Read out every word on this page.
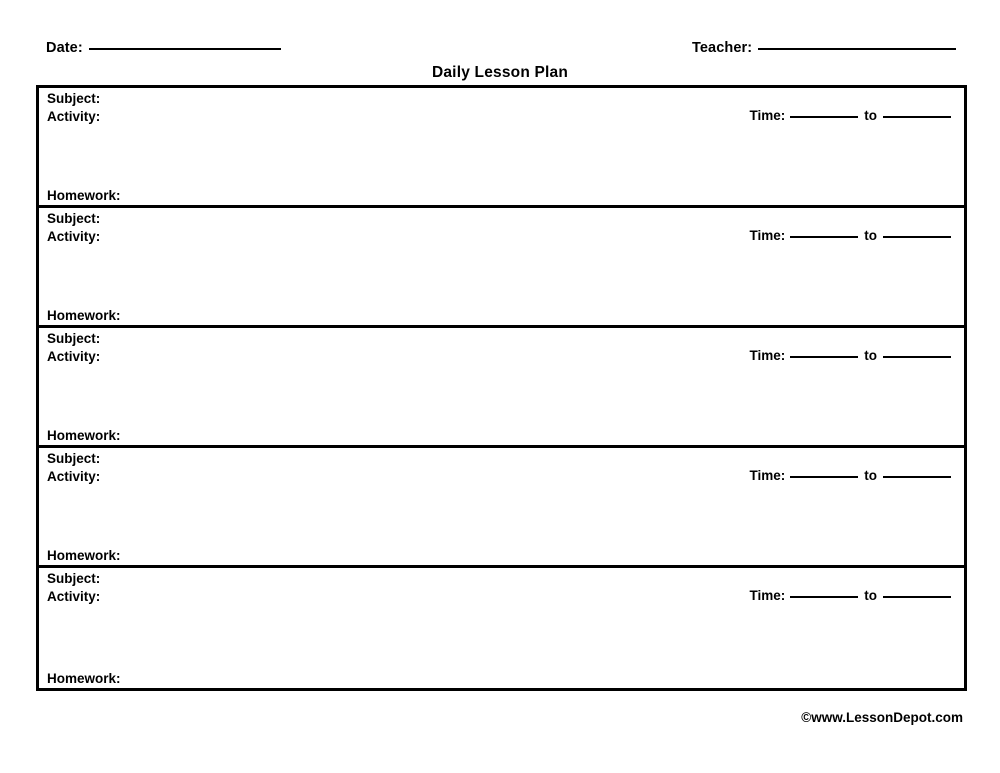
Date:	Teacher:
Daily Lesson Plan
Subject:
Activity:	Time:	to
Homework:
Subject:
Activity:	Time:	to
Homework:
Subject:
Activity:	Time:	to
Homework:
Subject:
Activity:	Time:	to
Homework:
Subject:
Activity:	Time:	to
Homework:
©www.LessonDepot.com
